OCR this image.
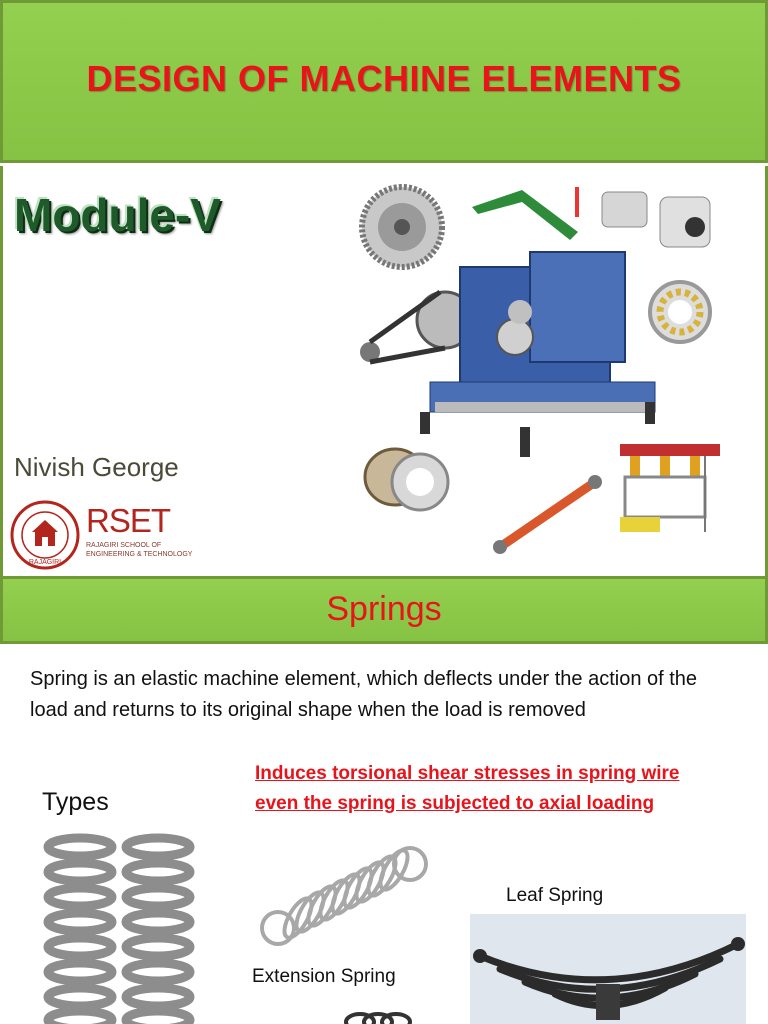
DESIGN OF MACHINE ELEMENTS
Module-V
Nivish George
RAJAGIRI
RSET
RAJAGIRI SCHOOL OF
ENGINEERING & TECHNOLOGY
Springs
Spring is an elastic machine element, which deflects under the action of the load and returns to its original shape when the load is removed
Induces torsional shear stresses in spring wire
even the spring is subjected to axial loading
Types
Extension Spring
Leaf Spring
